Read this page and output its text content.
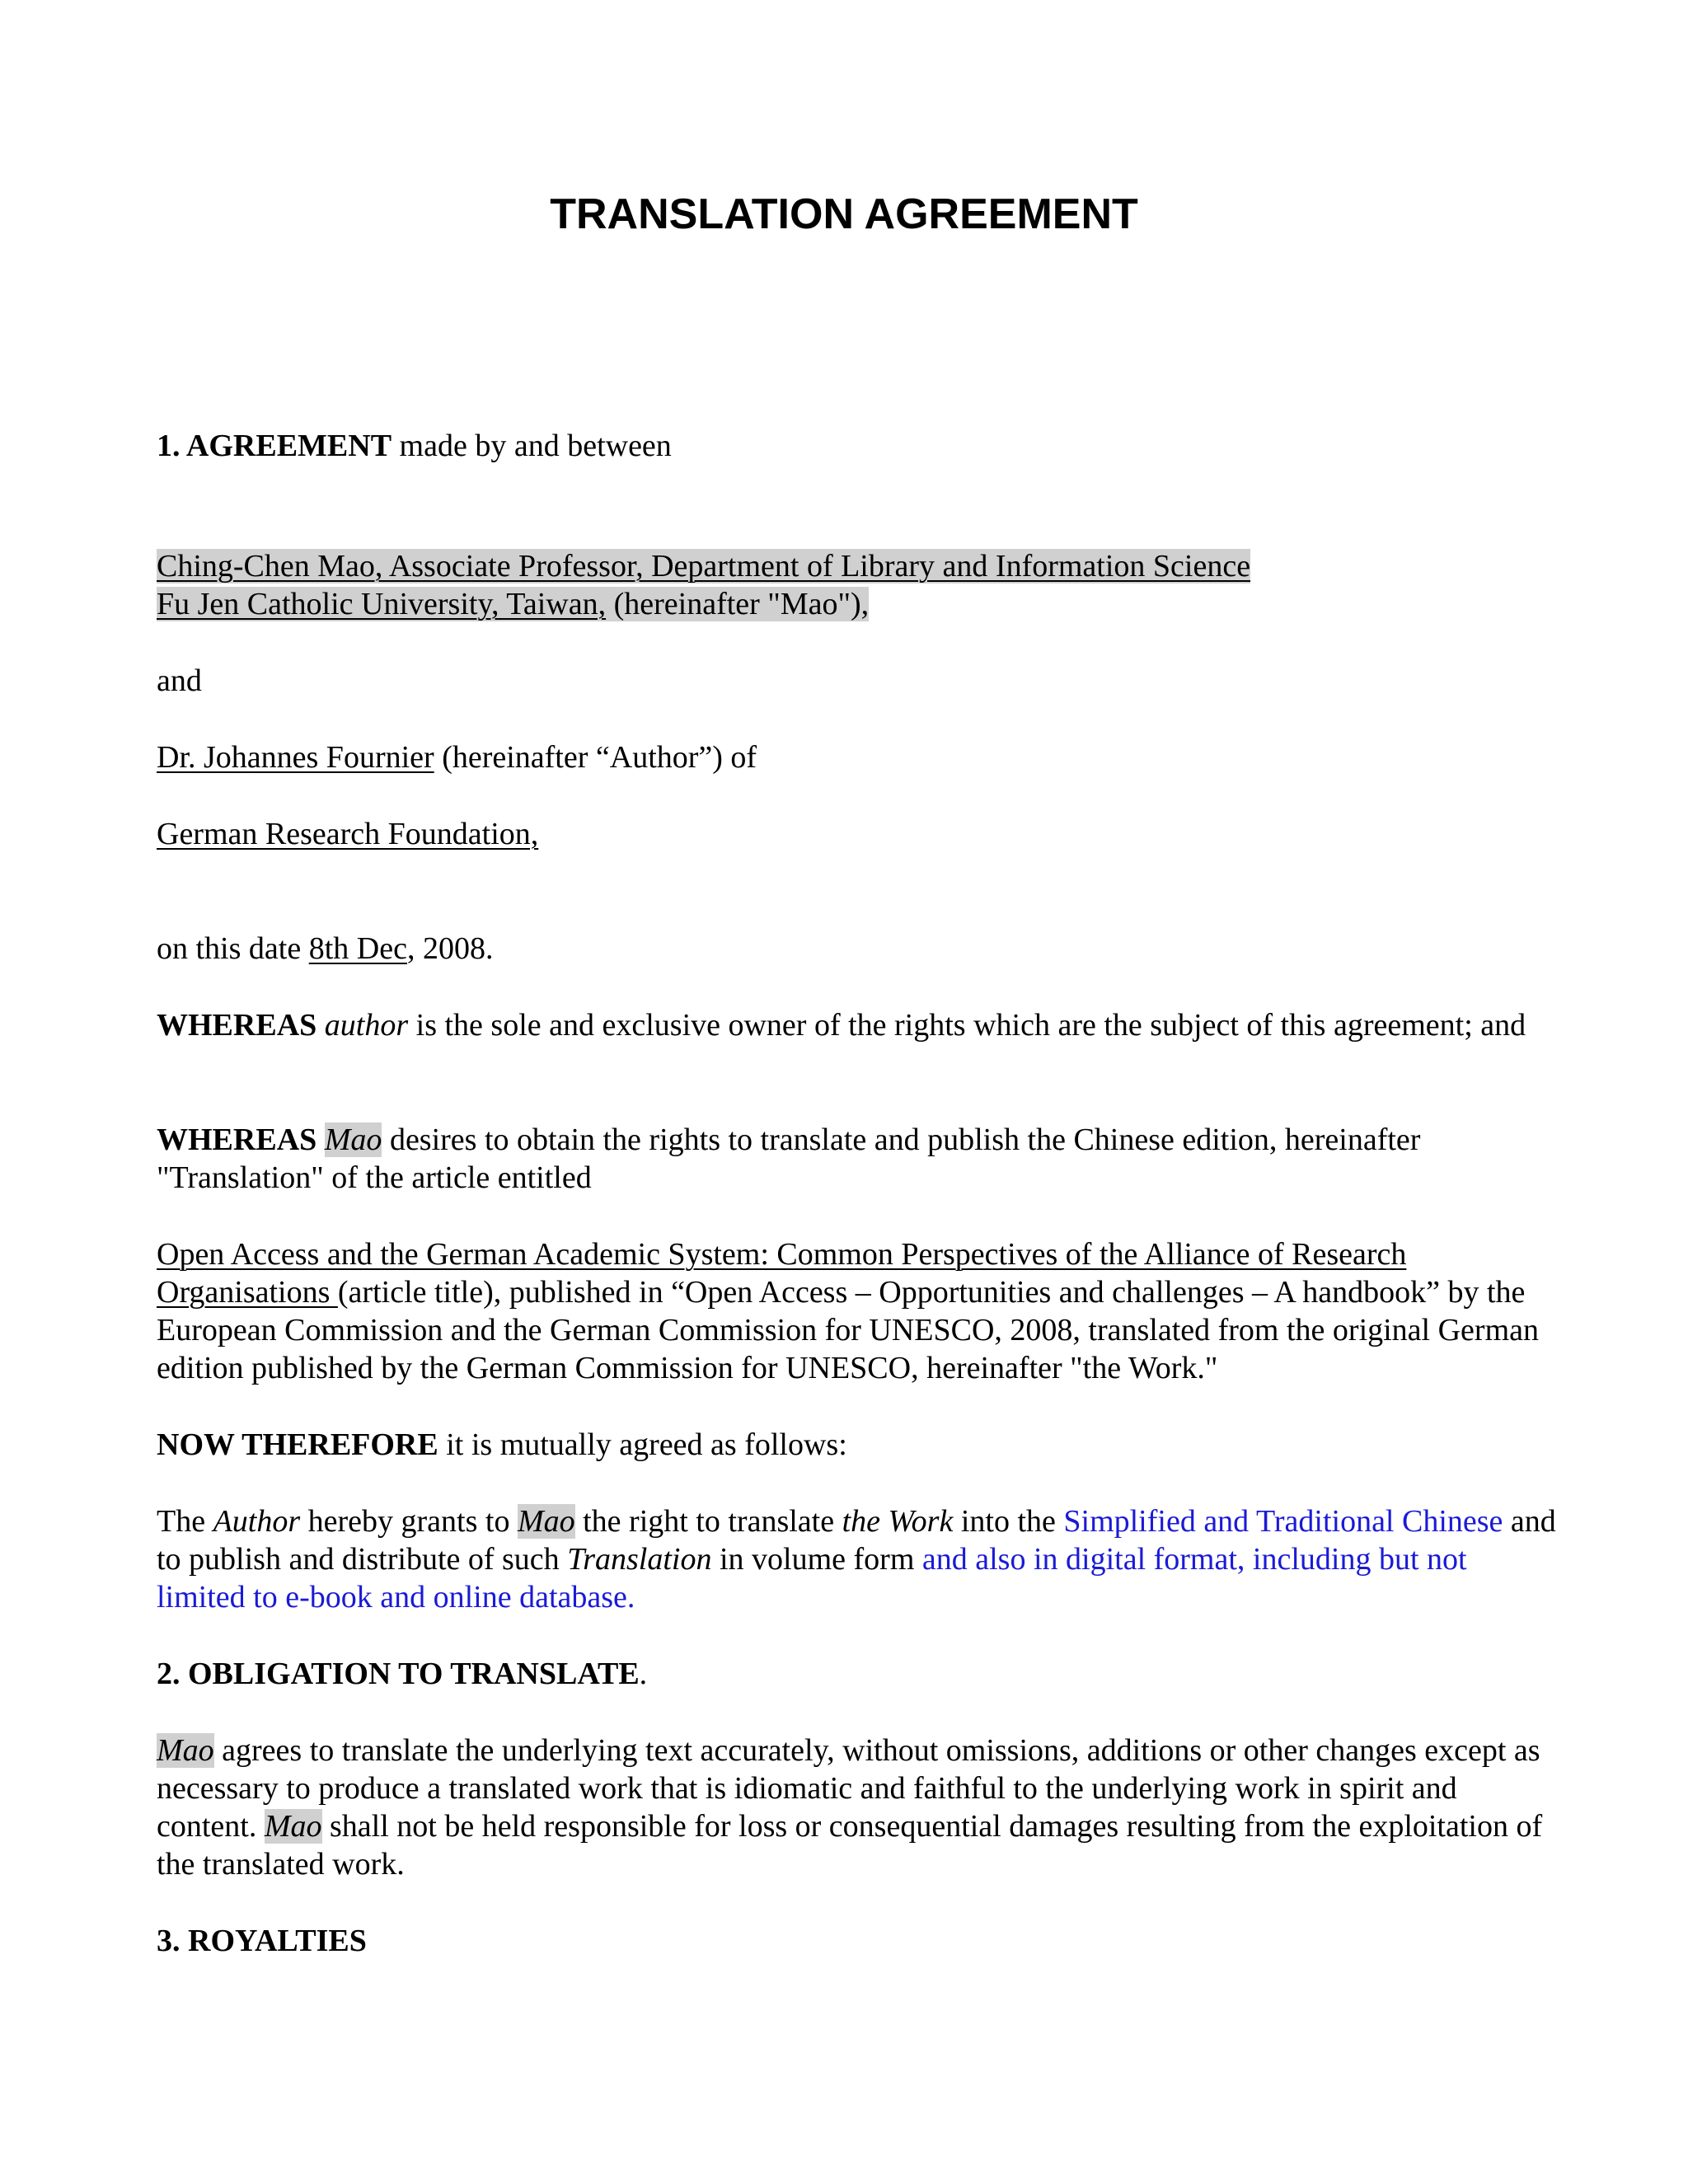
TRANSLATION AGREEMENT

1. AGREEMENT made by and between

Ching-Chen Mao, Associate Professor, Department of Library and Information Science
Fu Jen Catholic University, Taiwan, (hereinafter "Mao"),

and

Dr. Johannes Fournier (hereinafter “Author”) of

German Research Foundation,

on this date 8th Dec, 2008.

WHEREAS author is the sole and exclusive owner of the rights which are the subject of this agreement; and

WHEREAS Mao desires to obtain the rights to translate and publish the Chinese edition, hereinafter "Translation" of the article entitled

Open Access and the German Academic System: Common Perspectives of the Alliance of Research Organisations (article title), published in “Open Access – Opportunities and challenges – A handbook” by the European Commission and the German Commission for UNESCO, 2008, translated from the original German edition published by the German Commission for UNESCO, hereinafter "the Work."

NOW THEREFORE it is mutually agreed as follows:

The Author hereby grants to Mao the right to translate the Work into the Simplified and Traditional Chinese and to publish and distribute of such Translation in volume form and also in digital format, including but not limited to e-book and online database.

2. OBLIGATION TO TRANSLATE.

Mao agrees to translate the underlying text accurately, without omissions, additions or other changes except as necessary to produce a translated work that is idiomatic and faithful to the underlying work in spirit and content. Mao shall not be held responsible for loss or consequential damages resulting from the exploitation of the translated work.

3. ROYALTIES
